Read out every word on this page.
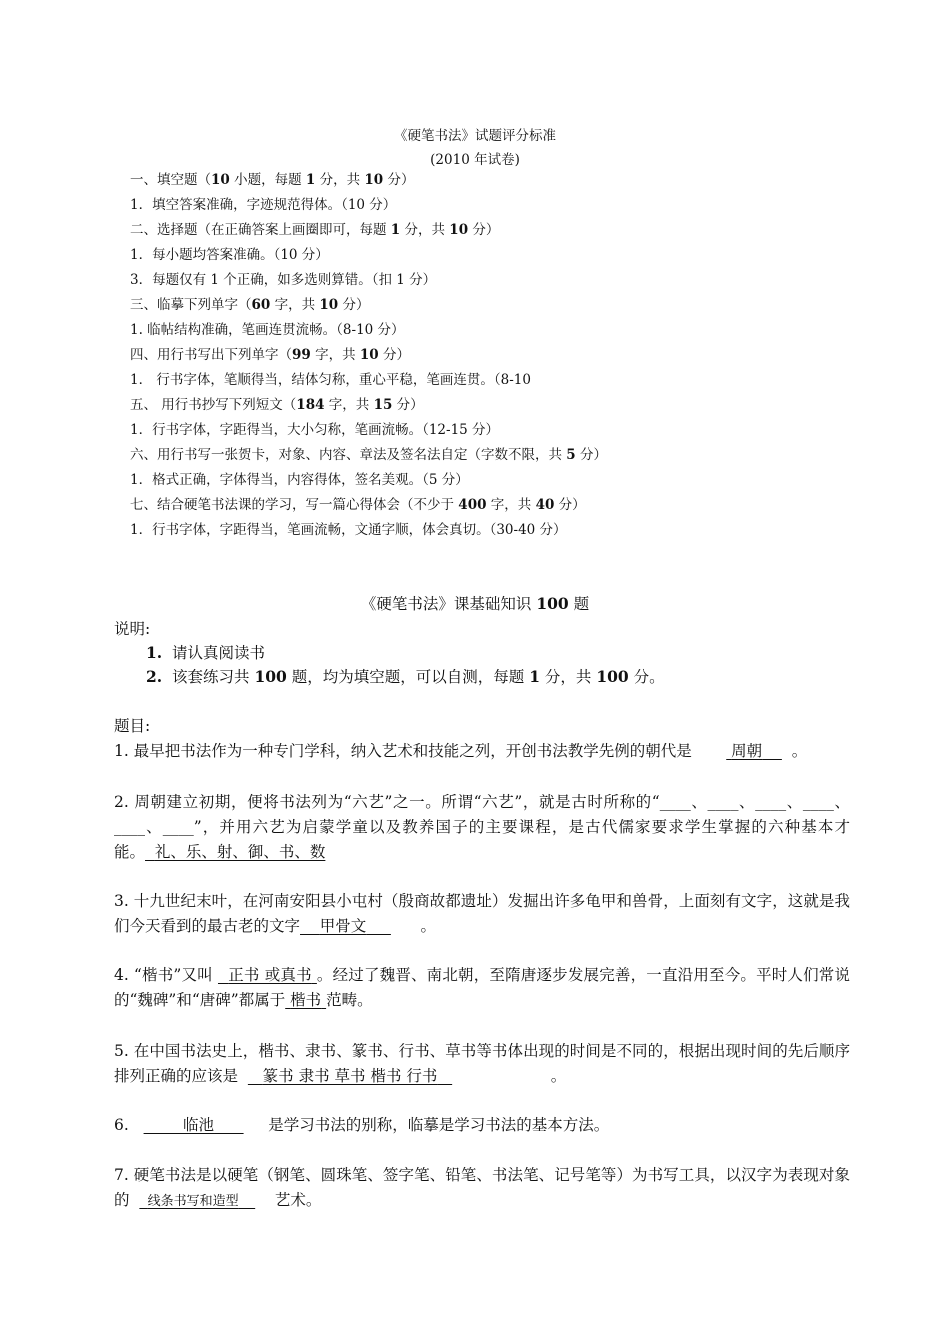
《硬笔书法》试题评分标准
(2010 年试卷)
一、填空题（10 小题，每题 1 分，共 10 分）
1．填空答案准确，字迹规范得体。（10 分）
二、选择题（在正确答案上画圈即可，每题 1 分，共 10 分）
1．每小题均答案准确。（10 分）
3．每题仅有 1 个正确，如多选则算错。（扣 1 分）
三、临摹下列单字（60 字，共 10 分）
1. 临帖结构准确，笔画连贯流畅。（8-10 分）
四、用行书写出下列单字（99 字，共 10 分）
1． 行书字体，笔顺得当，结体匀称，重心平稳，笔画连贯。（8-10
五、 用行书抄写下列短文（184 字，共 15 分）
1．行书字体，字距得当，大小匀称，笔画流畅。（12-15 分）
六、用行书写一张贺卡，对象、内容、章法及签名法自定（字数不限，共 5 分）
1．格式正确，字体得当，内容得体，签名美观。（5 分）
七、结合硬笔书法课的学习，写一篇心得体会（不少于 400 字，共 40 分）
1．行书字体，字距得当，笔画流畅，文通字顺，体会真切。（30-40 分）
《硬笔书法》课基础知识 100 题
说明:
1. 请认真阅读书
2. 该套练习共 100 题，均为填空题，可以自测，每题 1 分，共 100 分。
题目:
1. 最早把书法作为一种专门学科，纳入艺术和技能之列，开创书法教学先例的朝代是	周朝 。
2. 周朝建立初期，便将书法列为“六艺”之一。所谓“六艺”，就是古时所称的“____、____、____、____、____、____”，并用六艺为启蒙学童以及教养国子的主要课程，是古代儒家要求学生掌握的六种基本才能。 礼、乐、射、御、书、数
3. 十九世纪末叶，在河南安阳县小屯村（殷商故都遗址）发掘出许多龟甲和兽骨，上面刻有文字，这就是我们今天看到的最古老的文字 甲骨文	。
4. “楷书”又叫 正书 或真书 。经过了魏晋、南北朝，至隋唐逐步发展完善，一直沿用至今。平时人们常说的“魏碑”和“唐碑”都属于 楷书 范畴。
5. 在中国书法史上，楷书、隶书、篆书、行书、草书等书体出现的时间是不同的，根据出现时间的先后顺序排列正确的应该是 篆书 隶书 草书 楷书 行书	。
6.	临池	是学习书法的别称，临摹是学习书法的基本方法。
7. 硬笔书法是以硬笔（钢笔、圆珠笔、签字笔、铅笔、书法笔、记号笔等）为书写工具，以汉字为表现对象的 线条书写和造型 艺术。
